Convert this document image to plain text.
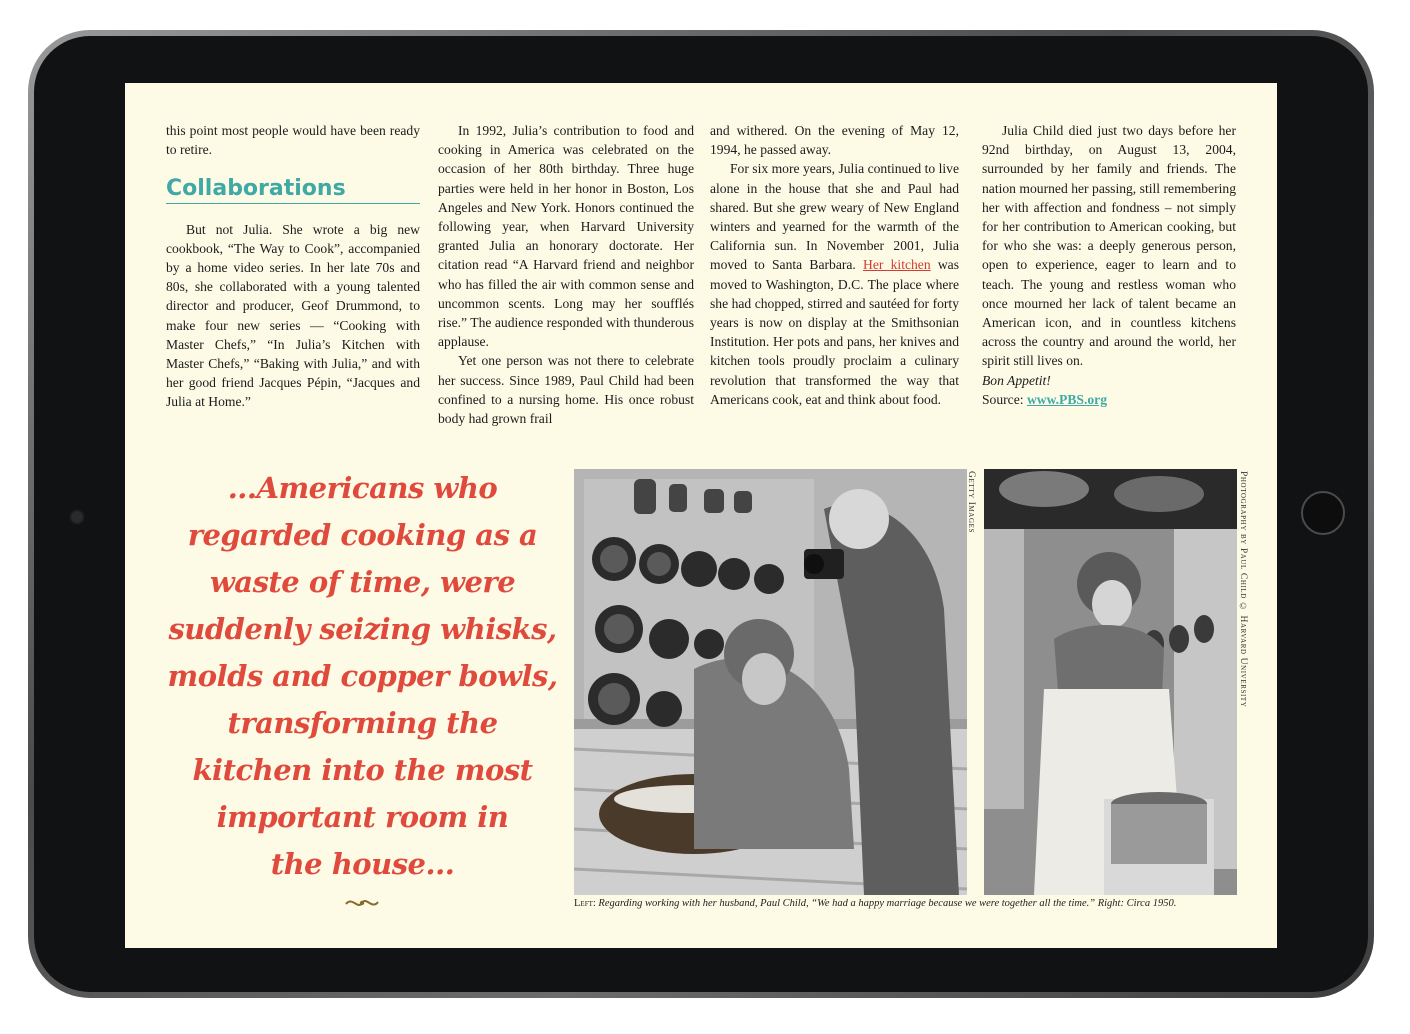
this point most people would have been ready to retire.

Collaborations

But not Julia. She wrote a big new cookbook, “The Way to Cook”, accompanied by a home video series. In her late 70s and 80s, she collaborated with a young talented director and producer, Geof Drummond, to make four new series — “Cooking with Master Chefs,” “In Julia’s Kitchen with Master Chefs,” “Baking with Julia,” and with her good friend Jacques Pépin, “Jacques and Julia at Home.”

In 1992, Julia’s contribution to food and cooking in America was celebrated on the occasion of her 80th birthday. Three huge parties were held in her honor in Boston, Los Angeles and New York. Honors continued the following year, when Harvard University granted Julia an honorary doctorate. Her citation read “A Harvard friend and neighbor who has filled the air with common sense and uncommon scents. Long may her soufflés rise.” The audience responded with thunderous applause.

Yet one person was not there to celebrate her success. Since 1989, Paul Child had been confined to a nursing home. His once robust body had grown frail

and withered. On the evening of May 12, 1994, he passed away.

For six more years, Julia continued to live alone in the house that she and Paul had shared. But she grew weary of New England winters and yearned for the warmth of the California sun. In November 2001, Julia moved to Santa Barbara. Her kitchen was moved to Washington, D.C. The place where she had chopped, stirred and sautéed for forty years is now on display at the Smithsonian Institution. Her pots and pans, her knives and kitchen tools proudly proclaim a culinary revolution that transformed the way that Americans cook, eat and think about food.

Julia Child died just two days before her 92nd birthday, on August 13, 2004, surrounded by her family and friends. The nation mourned her passing, still remembering her with affection and fondness – not simply for her contribution to American cooking, but for who she was: a deeply generous person, open to experience, eager to learn and to teach. The young and restless woman who once mourned her lack of talent became an American icon, and in countless kitchens across the country and around the world, her spirit still lives on.

Bon Appetit!

Source: www.PBS.org

...Americans who
regarded cooking as a
waste of time, were
suddenly seizing whisks,
molds and copper bowls,
transforming the
kitchen into the most
important room in
the house...
Getty Images	Photography by Paul Child © Harvard University
Left: Regarding working with her husband, Paul Child, “We had a happy marriage because we were together all the time.” Right: Circa 1950.
